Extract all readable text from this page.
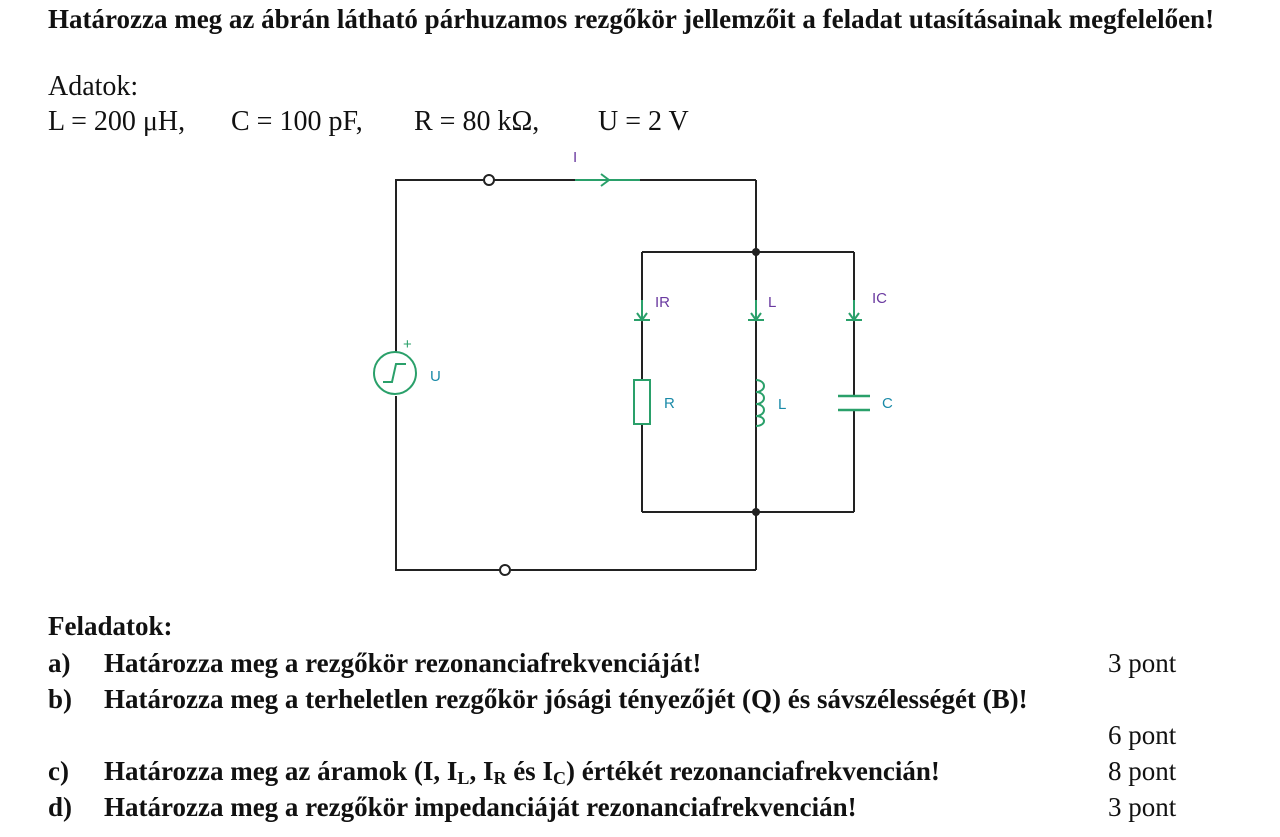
Határozza meg az ábrán látható párhuzamos rezgőkör jellemzőit a feladat utasításainak megfelelően!
Adatok:
L = 200 μH, C = 100 pF, R = 80 kΩ, U = 2 V
I
+
U
IR	L	IC
R	L	C
Feladatok:
a) Határozza meg a rezgőkör rezonanciafrekvenciáját!	3 pont
b) Határozza meg a terheletlen rezgőkör jósági tényezőjét (Q) és sávszélességét (B)!
6 pont
c) Határozza meg az áramok (I, $I_L$, $I_R$ és $I_C$) értékét rezonanciafrekvencián!	8 pont
d) Határozza meg a rezgőkör impedanciáját rezonanciafrekvencián!	3 pont
